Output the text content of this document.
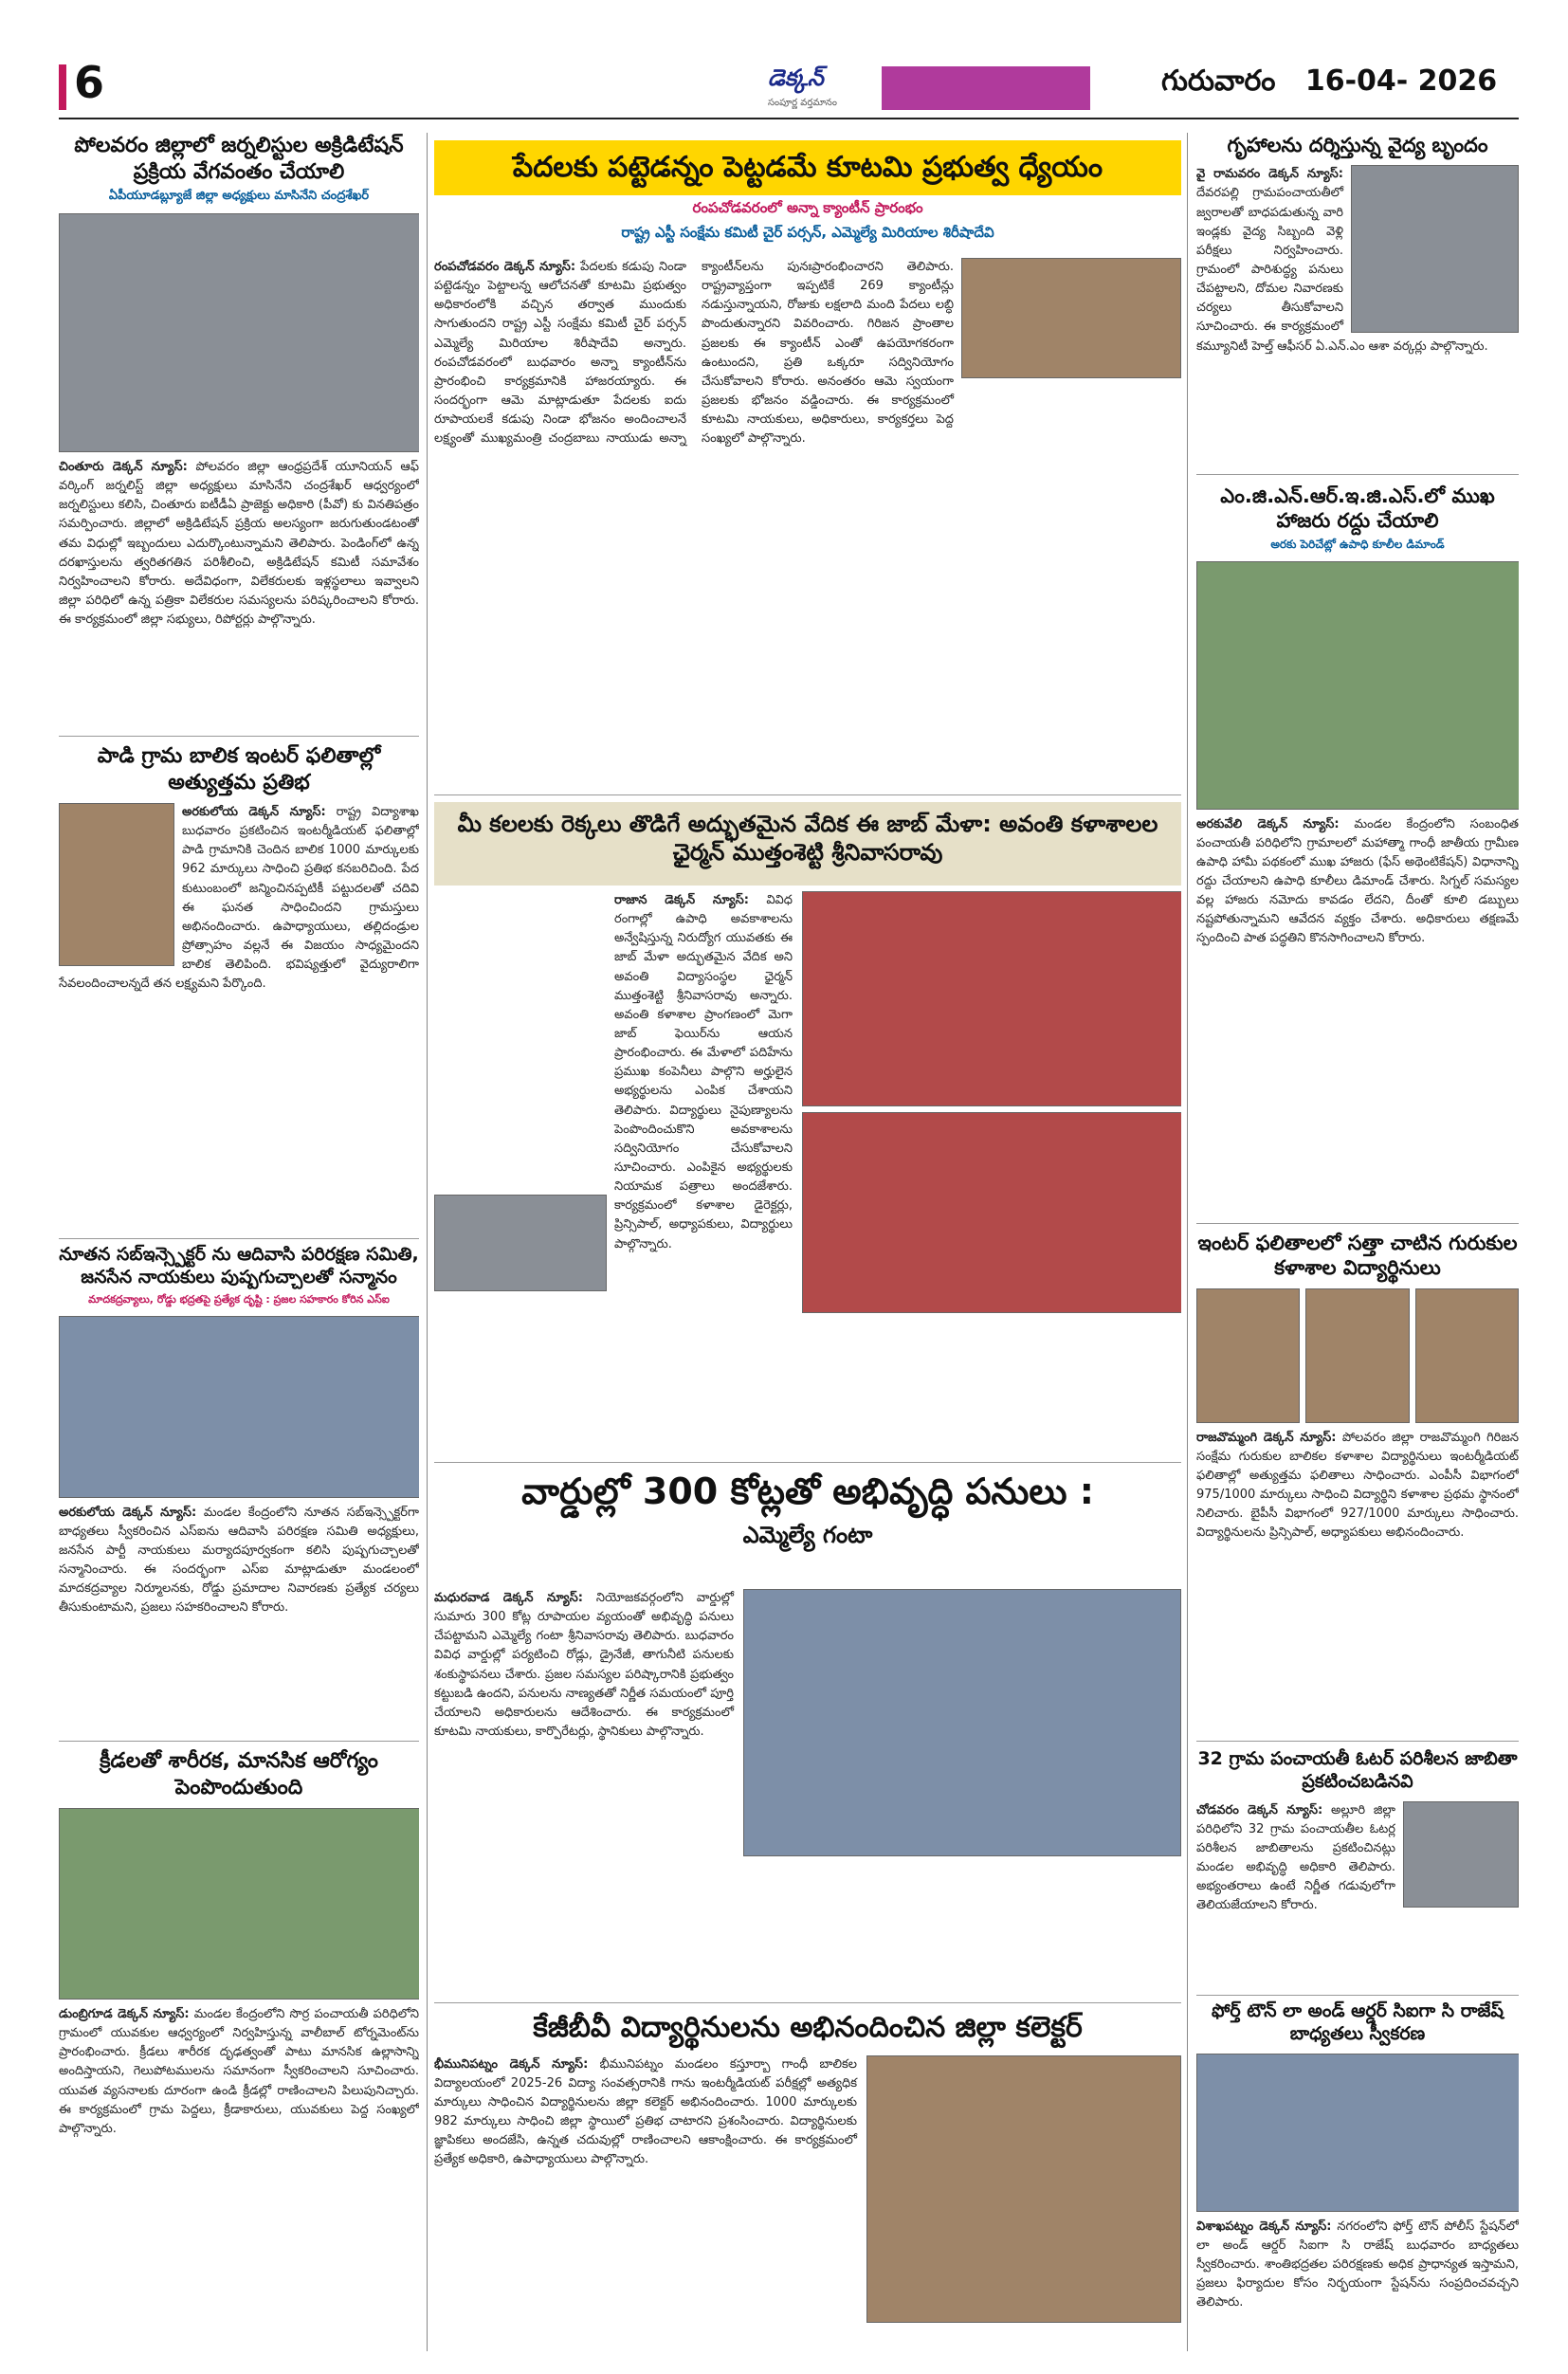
6	డెక్కన్
సంపూర్ణ వర్తమానం
గురువారం 16-04- 2026
పోలవరం జిల్లాలో జర్నలిస్టుల అక్రిడిటేషన్ ప్రక్రియ వేగవంతం చేయాలి
ఏపీయూడబ్ల్యూజే జిల్లా అధ్యక్షులు మాసినేని చంద్రశేఖర్
చింతూరు డెక్కన్ న్యూస్: పోలవరం జిల్లా ఆంధ్రప్రదేశ్ యూనియన్ ఆఫ్ వర్కింగ్ జర్నలిస్ట్ జిల్లా అధ్యక్షులు మాసినేని చంద్రశేఖర్ ఆధ్వర్యంలో జర్నలిస్టులు కలిసి, చింతూరు ఐటీడీఏ ప్రాజెక్టు అధికారి (పీవో) కు వినతిపత్రం సమర్పించారు. జిల్లాలో అక్రిడిటేషన్ ప్రక్రియ అలస్యంగా జరుగుతుండటంతో తమ విధుల్లో ఇబ్బందులు ఎదుర్కొంటున్నామని తెలిపారు. పెండింగ్‌లో ఉన్న దరఖాస్తులను త్వరితగతిన పరిశీలించి, అక్రిడిటేషన్ కమిటీ సమావేశం నిర్వహించాలని కోరారు. అదేవిధంగా, విలేకరులకు ఇళ్లస్థలాలు ఇవ్వాలని జిల్లా పరిధిలో ఉన్న పత్రికా విలేకరుల సమస్యలను పరిష్కరించాలని కోరారు. ఈ కార్యక్రమంలో జిల్లా సభ్యులు, రిపోర్టర్లు పాల్గొన్నారు.
పాడి గ్రామ బాలిక ఇంటర్ ఫలితాల్లో అత్యుత్తమ ప్రతిభ
అరకులోయ డెక్కన్ న్యూస్: రాష్ట్ర విద్యాశాఖ బుధవారం ప్రకటించిన ఇంటర్మీడియట్ ఫలితాల్లో పాడి గ్రామానికి చెందిన బాలిక 1000 మార్కులకు 962 మార్కులు సాధించి ప్రతిభ కనబరిచింది. పేద కుటుంబంలో జన్మించినప్పటికీ పట్టుదలతో చదివి ఈ ఘనత సాధించిందని గ్రామస్తులు అభినందించారు. ఉపాధ్యాయులు, తల్లిదండ్రుల ప్రోత్సాహం వల్లనే ఈ విజయం సాధ్యమైందని బాలిక తెలిపింది. భవిష్యత్తులో వైద్యురాలిగా సేవలందించాలన్నదే తన లక్ష్యమని పేర్కొంది.
నూతన సబ్‌ఇన్స్పెక్టర్ ను ఆదివాసి పరిరక్షణ సమితి, జనసేన నాయకులు పుష్పగుచ్చాలతో సన్మానం
మాదకద్రవ్యాలు, రోడ్డు భద్రతపై ప్రత్యేక దృష్టి : ప్రజల సహకారం కోరిన ఎస్ఐ
అరకులోయ డెక్కన్ న్యూస్: మండల కేంద్రంలోని నూతన సబ్‌ఇన్స్పెక్టర్‌గా బాధ్యతలు స్వీకరించిన ఎస్ఐను ఆదివాసి పరిరక్షణ సమితి అధ్యక్షులు, జనసేన పార్టీ నాయకులు మర్యాదపూర్వకంగా కలిసి పుష్పగుచ్చాలతో సన్మానించారు. ఈ సందర్భంగా ఎస్ఐ మాట్లాడుతూ మండలంలో మాదకద్రవ్యాల నిర్మూలనకు, రోడ్డు ప్రమాదాల నివారణకు ప్రత్యేక చర్యలు తీసుకుంటామని, ప్రజలు సహకరించాలని కోరారు.
క్రీడలతో శారీరక, మానసిక ఆరోగ్యం పెంపొందుతుంది
డుంబ్రిగూడ డెక్కన్ న్యూస్: మండల కేంద్రంలోని సొర్ర పంచాయతీ పరిధిలోని గ్రామంలో యువకుల ఆధ్వర్యంలో నిర్వహిస్తున్న వాలీబాల్ టోర్నమెంట్‌ను ప్రారంభించారు. క్రీడలు శారీరక దృఢత్వంతో పాటు మానసిక ఉల్లాసాన్ని అందిస్తాయని, గెలుపోటములను సమానంగా స్వీకరించాలని సూచించారు. యువత వ్యసనాలకు దూరంగా ఉండి క్రీడల్లో రాణించాలని పిలుపునిచ్చారు. ఈ కార్యక్రమంలో గ్రామ పెద్దలు, క్రీడాకారులు, యువకులు పెద్ద సంఖ్యలో పాల్గొన్నారు.
పేదలకు పట్టెడన్నం పెట్టడమే కూటమి ప్రభుత్వ ధ్యేయం
రంపచోడవరంలో అన్నా క్యాంటీన్ ప్రారంభం
రాష్ట్ర ఎస్టీ సంక్షేమ కమిటీ చైర్ పర్సన్, ఎమ్మెల్యే మిరియాల శిరీషాదేవి
రంపచోడవరం డెక్కన్ న్యూస్: పేదలకు కడుపు నిండా పట్టెడన్నం పెట్టాలన్న ఆలోచనతో కూటమి ప్రభుత్వం అధికారంలోకి వచ్చిన తర్వాత ముందుకు సాగుతుందని రాష్ట్ర ఎస్టీ సంక్షేమ కమిటీ చైర్ పర్సన్ ఎమ్మెల్యే మిరియాల శిరీషాదేవి అన్నారు. రంపచోడవరంలో బుధవారం అన్నా క్యాంటీన్‌ను ప్రారంభించి కార్యక్రమానికి హాజరయ్యారు. ఈ సందర్భంగా ఆమె మాట్లాడుతూ పేదలకు ఐదు రూపాయలకే కడుపు నిండా భోజనం అందించాలనే లక్ష్యంతో ముఖ్యమంత్రి చంద్రబాబు నాయుడు అన్నా క్యాంటీన్‌లను పునఃప్రారంభించారని తెలిపారు. రాష్ట్రవ్యాప్తంగా ఇప్పటికే 269 క్యాంటీన్లు నడుస్తున్నాయని, రోజుకు లక్షలాది మంది పేదలు లబ్ధి పొందుతున్నారని వివరించారు. గిరిజన ప్రాంతాల ప్రజలకు ఈ క్యాంటీన్ ఎంతో ఉపయోగకరంగా ఉంటుందని, ప్రతి ఒక్కరూ సద్వినియోగం చేసుకోవాలని కోరారు. అనంతరం ఆమె స్వయంగా ప్రజలకు భోజనం వడ్డించారు. ఈ కార్యక్రమంలో కూటమి నాయకులు, అధికారులు, కార్యకర్తలు పెద్ద సంఖ్యలో పాల్గొన్నారు.
మీ కలలకు రెక్కలు తొడిగే అద్భుతమైన వేదిక ఈ జాబ్ మేళా: అవంతి కళాశాలల ఛైర్మన్ ముత్తంశెట్టి శ్రీనివాసరావు
రాజాన డెక్కన్ న్యూస్: వివిధ రంగాల్లో ఉపాధి అవకాశాలను అన్వేషిస్తున్న నిరుద్యోగ యువతకు ఈ జాబ్ మేళా అద్భుతమైన వేదిక అని అవంతి విద్యాసంస్థల ఛైర్మన్ ముత్తంశెట్టి శ్రీనివాసరావు అన్నారు. అవంతి కళాశాల ప్రాంగణంలో మెగా జాబ్ ఫెయిర్‌ను ఆయన ప్రారంభించారు. ఈ మేళాలో పదిహేను ప్రముఖ కంపెనీలు పాల్గొని అర్హులైన అభ్యర్థులను ఎంపిక చేశాయని తెలిపారు. విద్యార్థులు నైపుణ్యాలను పెంపొందించుకొని అవకాశాలను సద్వినియోగం చేసుకోవాలని సూచించారు. ఎంపికైన అభ్యర్థులకు నియామక పత్రాలు అందజేశారు. కార్యక్రమంలో కళాశాల డైరెక్టర్లు, ప్రిన్సిపాల్, అధ్యాపకులు, విద్యార్థులు పాల్గొన్నారు.
వార్డుల్లో 300 కోట్లతో అభివృద్ధి పనులు :
ఎమ్మెల్యే గంటా
మధురవాడ డెక్కన్ న్యూస్: నియోజకవర్గంలోని వార్డుల్లో సుమారు 300 కోట్ల రూపాయల వ్యయంతో అభివృద్ధి పనులు చేపట్టామని ఎమ్మెల్యే గంటా శ్రీనివాసరావు తెలిపారు. బుధవారం వివిధ వార్డుల్లో పర్యటించి రోడ్లు, డ్రైనేజీ, తాగునీటి పనులకు శంకుస్థాపనలు చేశారు. ప్రజల సమస్యల పరిష్కారానికి ప్రభుత్వం కట్టుబడి ఉందని, పనులను నాణ్యతతో నిర్ణీత సమయంలో పూర్తి చేయాలని అధికారులను ఆదేశించారు. ఈ కార్యక్రమంలో కూటమి నాయకులు, కార్పొరేటర్లు, స్థానికులు పాల్గొన్నారు.
కేజీబీవీ విద్యార్థినులను అభినందించిన జిల్లా కలెక్టర్
భీమునిపట్నం డెక్కన్ న్యూస్: భీమునిపట్నం మండలం కస్తూర్బా గాంధీ బాలికల విద్యాలయంలో 2025-26 విద్యా సంవత్సరానికి గాను ఇంటర్మీడియట్ పరీక్షల్లో అత్యధిక మార్కులు సాధించిన విద్యార్థినులను జిల్లా కలెక్టర్ అభినందించారు. 1000 మార్కులకు 982 మార్కులు సాధించి జిల్లా స్థాయిలో ప్రతిభ చాటారని ప్రశంసించారు. విద్యార్థినులకు జ్ఞాపికలు అందజేసి, ఉన్నత చదువుల్లో రాణించాలని ఆకాంక్షించారు. ఈ కార్యక్రమంలో ప్రత్యేక అధికారి, ఉపాధ్యాయులు పాల్గొన్నారు.
గృహాలను దర్శిస్తున్న వైద్య బృందం
వై రామవరం డెక్కన్ న్యూస్: దేవరపల్లి గ్రామపంచాయతీలో జ్వరాలతో బాధపడుతున్న వారి ఇండ్లకు వైద్య సిబ్బంది వెళ్లి పరీక్షలు నిర్వహించారు. గ్రామంలో పారిశుద్ధ్య పనులు చేపట్టాలని, దోమల నివారణకు చర్యలు తీసుకోవాలని సూచించారు. ఈ కార్యక్రమంలో కమ్యూనిటీ హెల్త్ ఆఫీసర్ ఏ.ఎన్.ఎం ఆశా వర్కర్లు పాల్గొన్నారు.
ఎం.జి.ఎన్.ఆర్.ఇ.జి.ఎస్.లో ముఖ హాజరు రద్దు చేయాలి
అరకు పెరిచేట్లో ఉపాధి కూలీల డిమాండ్
అరకువేలి డెక్కన్ న్యూస్: మండల కేంద్రంలోని సంబంధిత పంచాయతీ పరిధిలోని గ్రామాలలో మహాత్మా గాంధీ జాతీయ గ్రామీణ ఉపాధి హామీ పథకంలో ముఖ హాజరు (ఫేస్ అథెంటికేషన్) విధానాన్ని రద్దు చేయాలని ఉపాధి కూలీలు డిమాండ్ చేశారు. సిగ్నల్ సమస్యల వల్ల హాజరు నమోదు కావడం లేదని, దీంతో కూలి డబ్బులు నష్టపోతున్నామని ఆవేదన వ్యక్తం చేశారు. అధికారులు తక్షణమే స్పందించి పాత పద్ధతిని కొనసాగించాలని కోరారు.
ఇంటర్ ఫలితాలలో సత్తా చాటిన గురుకుల కళాశాల విద్యార్థినులు
రాజవొమ్మంగి డెక్కన్ న్యూస్: పోలవరం జిల్లా రాజవొమ్మంగి గిరిజన సంక్షేమ గురుకుల బాలికల కళాశాల విద్యార్థినులు ఇంటర్మీడియట్ ఫలితాల్లో అత్యుత్తమ ఫలితాలు సాధించారు. ఎంపీసీ విభాగంలో 975/1000 మార్కులు సాధించి విద్యార్థిని కళాశాల ప్రథమ స్థానంలో నిలిచారు. బైపీసీ విభాగంలో 927/1000 మార్కులు సాధించారు. విద్యార్థినులను ప్రిన్సిపాల్, అధ్యాపకులు అభినందించారు.
32 గ్రామ పంచాయతీ ఓటర్ పరిశీలన జాబితా ప్రకటించబడినవి
చోడవరం డెక్కన్ న్యూస్: అల్లూరి జిల్లా పరిధిలోని 32 గ్రామ పంచాయతీల ఓటర్ల పరిశీలన జాబితాలను ప్రకటించినట్లు మండల అభివృద్ధి అధికారి తెలిపారు. అభ్యంతరాలు ఉంటే నిర్ణీత గడువులోగా తెలియజేయాలని కోరారు.
ఫోర్త్ టౌన్ లా అండ్ ఆర్డర్ సిఐగా సి రాజేష్ బాధ్యతలు స్వీకరణ
విశాఖపట్నం డెక్కన్ న్యూస్: నగరంలోని ఫోర్త్ టౌన్ పోలీస్ స్టేషన్‌లో లా అండ్ ఆర్డర్ సిఐగా సి రాజేష్ బుధవారం బాధ్యతలు స్వీకరించారు. శాంతిభద్రతల పరిరక్షణకు అధిక ప్రాధాన్యత ఇస్తామని, ప్రజలు ఫిర్యాదుల కోసం నిర్భయంగా స్టేషన్‌ను సంప్రదించవచ్చని తెలిపారు.
